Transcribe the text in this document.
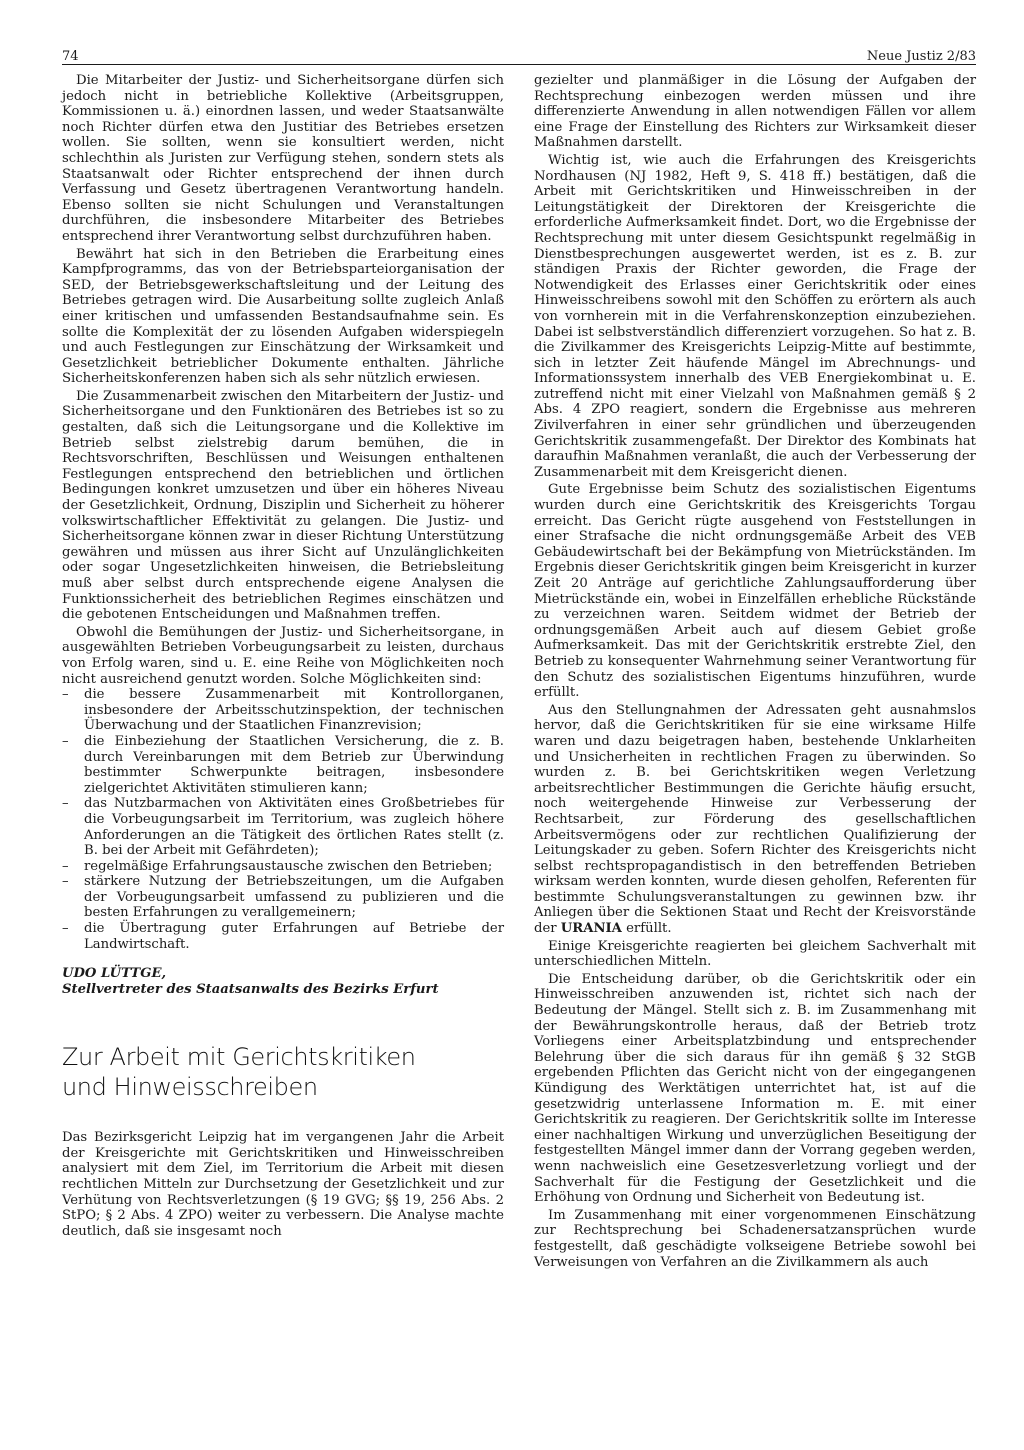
74	Neue Justiz 2/83

Die Mitarbeiter der Justiz- und Sicherheitsorgane dürfen sich jedoch nicht in betriebliche Kollektive (Arbeitsgruppen, Kommissionen u. ä.) einordnen lassen, und weder Staatsanwälte noch Richter dürfen etwa den Justitiar des Betriebes ersetzen wollen. Sie sollten, wenn sie konsultiert werden, nicht schlechthin als Juristen zur Verfügung stehen, sondern stets als Staatsanwalt oder Richter entsprechend der ihnen durch Verfassung und Gesetz übertragenen Verantwortung handeln. Ebenso sollten sie nicht Schulungen und Veranstaltungen durchführen, die insbesondere Mitarbeiter des Betriebes entsprechend ihrer Verantwortung selbst durchzuführen haben.

Bewährt hat sich in den Betrieben die Erarbeitung eines Kampfprogramms, das von der Betriebsparteiorganisation der SED, der Betriebsgewerkschaftsleitung und der Leitung des Betriebes getragen wird. Die Ausarbeitung sollte zugleich Anlaß einer kritischen und umfassenden Bestandsaufnahme sein. Es sollte die Komplexität der zu lösenden Aufgaben widerspiegeln und auch Festlegungen zur Einschätzung der Wirksamkeit und Gesetzlichkeit betrieblicher Dokumente enthalten. Jährliche Sicherheitskonferenzen haben sich als sehr nützlich erwiesen.

Die Zusammenarbeit zwischen den Mitarbeitern der Justiz- und Sicherheitsorgane und den Funktionären des Betriebes ist so zu gestalten, daß sich die Leitungsorgane und die Kollektive im Betrieb selbst zielstrebig darum bemühen, die in Rechtsvorschriften, Beschlüssen und Weisungen enthaltenen Festlegungen entsprechend den betrieblichen und örtlichen Bedingungen konkret umzusetzen und über ein höheres Niveau der Gesetzlichkeit, Ordnung, Disziplin und Sicherheit zu höherer volkswirtschaftlicher Effektivität zu gelangen. Die Justiz- und Sicherheitsorgane können zwar in dieser Richtung Unterstützung gewähren und müssen aus ihrer Sicht auf Unzulänglichkeiten oder sogar Ungesetzlichkeiten hinweisen, die Betriebsleitung muß aber selbst durch entsprechende eigene Analysen die Funktionssicherheit des betrieblichen Regimes einschätzen und die gebotenen Entscheidungen und Maßnahmen treffen.

Obwohl die Bemühungen der Justiz- und Sicherheitsorgane, in ausgewählten Betrieben Vorbeugungsarbeit zu leisten, durchaus von Erfolg waren, sind u. E. eine Reihe von Möglichkeiten noch nicht ausreichend genutzt worden. Solche Möglichkeiten sind:

– die bessere Zusammenarbeit mit Kontrollorganen, insbesondere der Arbeitsschutzinspektion, der technischen Überwachung und der Staatlichen Finanzrevision;
– die Einbeziehung der Staatlichen Versicherung, die z. B. durch Vereinbarungen mit dem Betrieb zur Überwindung bestimmter Schwerpunkte beitragen, insbesondere zielgerichtet Aktivitäten stimulieren kann;
– das Nutzbarmachen von Aktivitäten eines Großbetriebes für die Vorbeugungsarbeit im Territorium, was zugleich höhere Anforderungen an die Tätigkeit des örtlichen Rates stellt (z. B. bei der Arbeit mit Gefährdeten);
– regelmäßige Erfahrungsaustausche zwischen den Betrieben;
– stärkere Nutzung der Betriebszeitungen, um die Aufgaben der Vorbeugungsarbeit umfassend zu publizieren und die besten Erfahrungen zu verallgemeinern;
– die Übertragung guter Erfahrungen auf Betriebe der Landwirtschaft.
UDO LÜTTGE,
Stellvertreter des Staatsanwalts des Bezirks Erfurt
Zur Arbeit mit Gerichtskritiken
und Hinweisschreiben

Das Bezirksgericht Leipzig hat im vergangenen Jahr die Arbeit der Kreisgerichte mit Gerichtskritiken und Hinweisschreiben analysiert mit dem Ziel, im Territorium die Arbeit mit diesen rechtlichen Mitteln zur Durchsetzung der Gesetzlichkeit und zur Verhütung von Rechtsverletzungen (§ 19 GVG; §§ 19, 256 Abs. 2 StPO; § 2 Abs. 4 ZPO) weiter zu verbessern. Die Analyse machte deutlich, daß sie insgesamt noch

gezielter und planmäßiger in die Lösung der Aufgaben der Rechtsprechung einbezogen werden müssen und ihre differenzierte Anwendung in allen notwendigen Fällen vor allem eine Frage der Einstellung des Richters zur Wirksamkeit dieser Maßnahmen darstellt.

Wichtig ist, wie auch die Erfahrungen des Kreisgerichts Nordhausen (NJ 1982, Heft 9, S. 418 ff.) bestätigen, daß die Arbeit mit Gerichtskritiken und Hinweisschreiben in der Leitungstätigkeit der Direktoren der Kreisgerichte die erforderliche Aufmerksamkeit findet. Dort, wo die Ergebnisse der Rechtsprechung mit unter diesem Gesichtspunkt regelmäßig in Dienstbesprechungen ausgewertet werden, ist es z. B. zur ständigen Praxis der Richter geworden, die Frage der Notwendigkeit des Erlasses einer Gerichtskritik oder eines Hinweisschreibens sowohl mit den Schöffen zu erörtern als auch von vornherein mit in die Verfahrenskonzeption einzubeziehen. Dabei ist selbstverständlich differenziert vorzugehen. So hat z. B. die Zivilkammer des Kreisgerichts Leipzig-Mitte auf bestimmte, sich in letzter Zeit häufende Mängel im Abrechnungs- und Informationssystem innerhalb des VEB Energiekombinat u. E. zutreffend nicht mit einer Vielzahl von Maßnahmen gemäß § 2 Abs. 4 ZPO reagiert, sondern die Ergebnisse aus mehreren Zivilverfahren in einer sehr gründlichen und überzeugenden Gerichtskritik zusammengefaßt. Der Direktor des Kombinats hat daraufhin Maßnahmen veranlaßt, die auch der Verbesserung der Zusammenarbeit mit dem Kreisgericht dienen.

Gute Ergebnisse beim Schutz des sozialistischen Eigentums wurden durch eine Gerichtskritik des Kreisgerichts Torgau erreicht. Das Gericht rügte ausgehend von Feststellungen in einer Strafsache die nicht ordnungsgemäße Arbeit des VEB Gebäudewirtschaft bei der Bekämpfung von Mietrückständen. Im Ergebnis dieser Gerichtskritik gingen beim Kreisgericht in kurzer Zeit 20 Anträge auf gerichtliche Zahlungsaufforderung über Mietrückstände ein, wobei in Einzelfällen erhebliche Rückstände zu verzeichnen waren. Seitdem widmet der Betrieb der ordnungsgemäßen Arbeit auch auf diesem Gebiet große Aufmerksamkeit. Das mit der Gerichtskritik erstrebte Ziel, den Betrieb zu konsequenter Wahrnehmung seiner Verantwortung für den Schutz des sozialistischen Eigentums hinzuführen, wurde erfüllt.

Aus den Stellungnahmen der Adressaten geht ausnahmslos hervor, daß die Gerichtskritiken für sie eine wirksame Hilfe waren und dazu beigetragen haben, bestehende Unklarheiten und Unsicherheiten in rechtlichen Fragen zu überwinden. So wurden z. B. bei Gerichtskritiken wegen Verletzung arbeitsrechtlicher Bestimmungen die Gerichte häufig ersucht, noch weitergehende Hinweise zur Verbesserung der Rechtsarbeit, zur Förderung des gesellschaftlichen Arbeitsvermögens oder zur rechtlichen Qualifizierung der Leitungskader zu geben. Sofern Richter des Kreisgerichts nicht selbst rechtspropagandistisch in den betreffenden Betrieben wirksam werden konnten, wurde diesen geholfen, Referenten für bestimmte Schulungsveranstaltungen zu gewinnen bzw. ihr Anliegen über die Sektionen Staat und Recht der Kreisvorstände der URANIA erfüllt.

Einige Kreisgerichte reagierten bei gleichem Sachverhalt mit unterschiedlichen Mitteln.

Die Entscheidung darüber, ob die Gerichtskritik oder ein Hinweisschreiben anzuwenden ist, richtet sich nach der Bedeutung der Mängel. Stellt sich z. B. im Zusammenhang mit der Bewährungskontrolle heraus, daß der Betrieb trotz Vorliegens einer Arbeitsplatzbindung und entsprechender Belehrung über die sich daraus für ihn gemäß § 32 StGB ergebenden Pflichten das Gericht nicht von der eingegangenen Kündigung des Werktätigen unterrichtet hat, ist auf die gesetzwidrig unterlassene Information m. E. mit einer Gerichtskritik zu reagieren. Der Gerichtskritik sollte im Interesse einer nachhaltigen Wirkung und unverzüglichen Beseitigung der festgestellten Mängel immer dann der Vorrang gegeben werden, wenn nachweislich eine Gesetzesverletzung vorliegt und der Sachverhalt für die Festigung der Gesetzlichkeit und die Erhöhung von Ordnung und Sicherheit von Bedeutung ist.

Im Zusammenhang mit einer vorgenommenen Einschätzung zur Rechtsprechung bei Schadenersatzansprüchen wurde festgestellt, daß geschädigte volkseigene Betriebe sowohl bei Verweisungen von Verfahren an die Zivilkammern als auch
